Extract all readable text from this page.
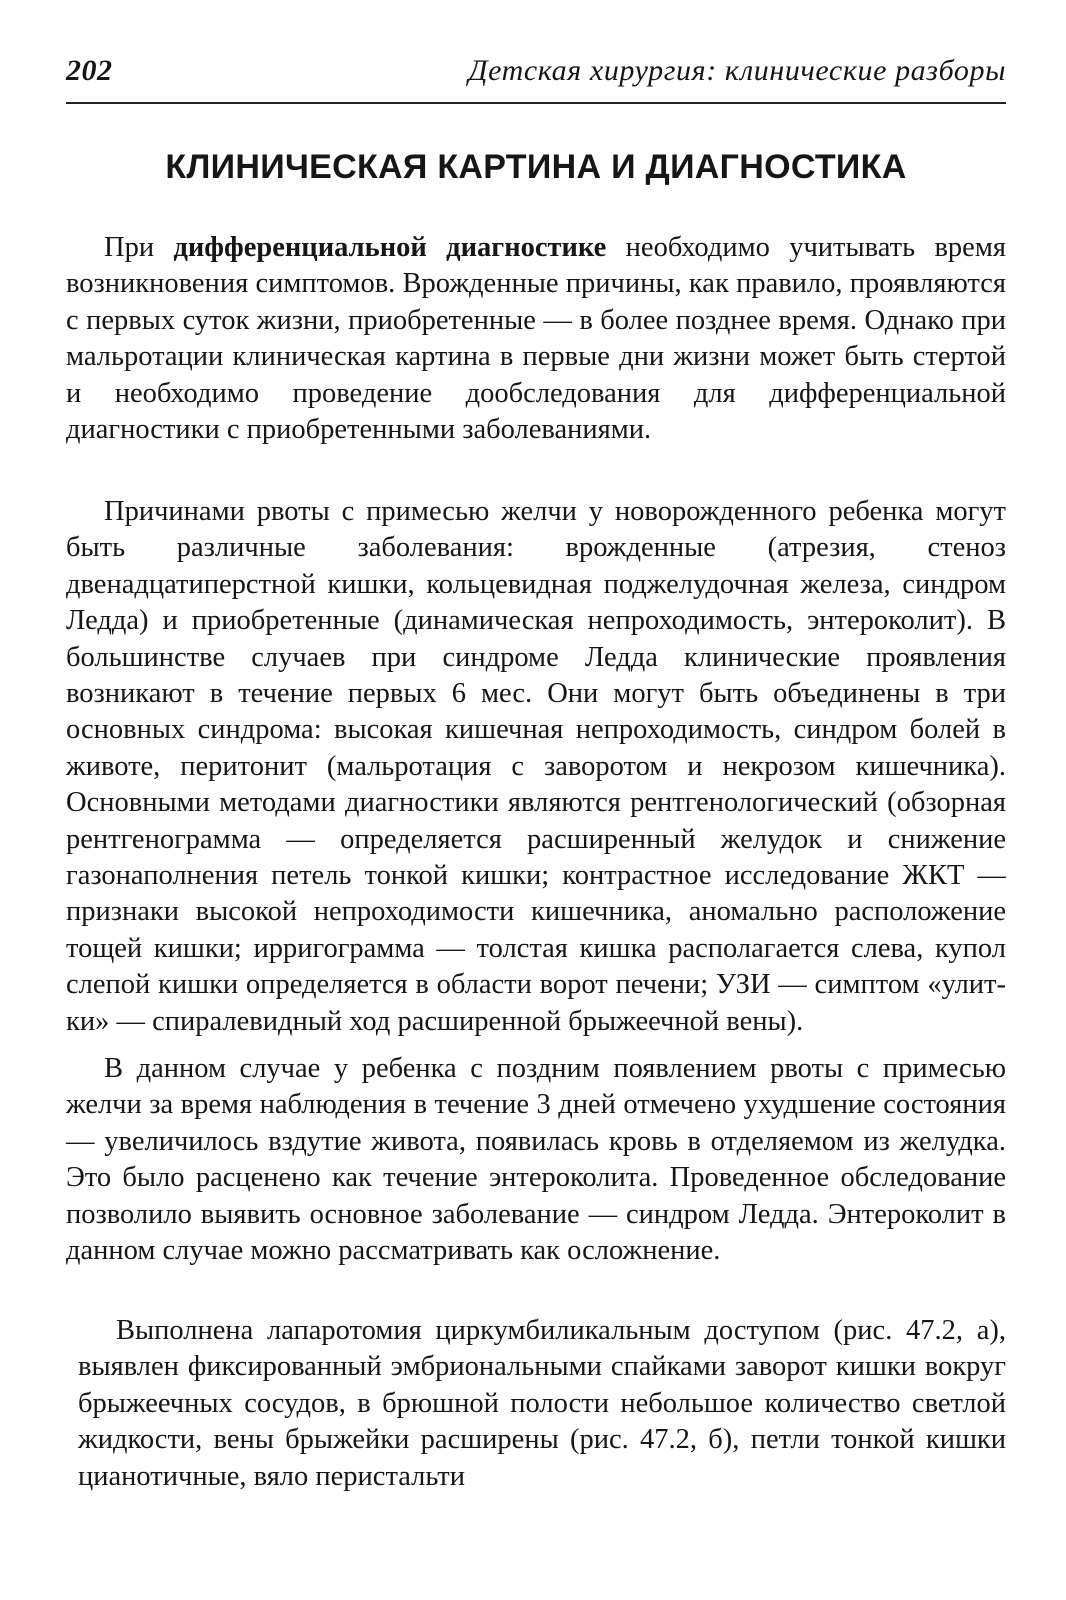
202	Детская хирургия: клинические разборы
КЛИНИЧЕСКАЯ КАРТИНА И ДИАГНОСТИКА

При дифференциальной диагностике необходимо учитывать время возникновения симптомов. Врожденные причины, как правило, проявляются с первых суток жизни, приобретенные — в более позднее время. Однако при мальротации клиническая картина в первые дни жизни может быть стертой и необходимо проведение дообследования для дифференциальной диагностики с приобретенными заболеваниями.

Причинами рвоты с примесью желчи у новорожденного ребенка могут быть различные заболевания: врожденные (атрезия, стеноз двенадцатиперстной кишки, кольцевидная поджелудочная железа, синдром Ледда) и приобретенные (динамическая непроходимость, энтероколит). В большинстве случаев при синдроме Ледда клинические проявления возникают в течение первых 6 мес. Они могут быть объединены в три основных синдрома: высокая кишечная непроходимость, синдром болей в животе, перитонит (мальротация с заворотом и некрозом кишечника). Основными методами диагностики являются рентгенологический (обзорная рентгенограмма — определяется расширенный желудок и снижение газонаполнения петель тонкой кишки; контрастное исследование ЖКТ — признаки высокой непроходимости кишечника, аномально расположение тощей кишки; ирригограмма — толстая кишка располагается слева, купол слепой кишки определяется в области ворот печени; УЗИ — симптом «улитки» — спиралевидный ход расширенной брыжеечной вены).

В данном случае у ребенка с поздним появлением рвоты с примесью желчи за время наблюдения в течение 3 дней отмечено ухудшение состояния — увеличилось вздутие живота, появилась кровь в отделяемом из желудка. Это было расценено как течение энтероколита. Проведенное обследование позволило выявить основное заболевание — синдром Ледда. Энтероколит в данном случае можно рассматривать как осложнение.

Выполнена лапаротомия циркумбиликальным доступом (рис. 47.2, а), выявлен фиксированный эмбриональными спайками заворот кишки вокруг брыжеечных сосудов, в брюшной полости небольшое количество светлой жидкости, вены брыжейки расширены (рис. 47.2, б), петли тонкой кишки цианотичные, вяло перистальти
